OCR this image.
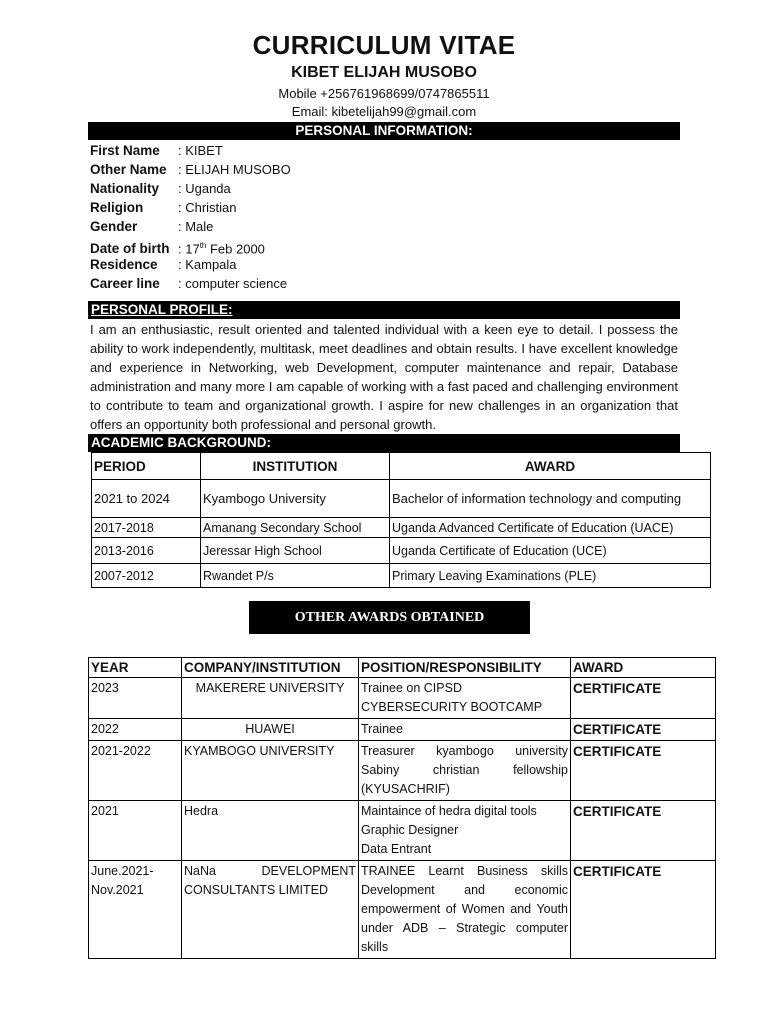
CURRICULUM VITAE
KIBET ELIJAH MUSOBO
Mobile +256761968699/0747865511
Email: kibetelijah99@gmail.com
PERSONAL INFORMATION:
First Name : KIBET
Other Name : ELIJAH MUSOBO
Nationality : Uganda
Religion	: Christian
Gender	: Male
Date of birth : 17th Feb 2000
Residence : Kampala
Career line : computer science
PERSONAL PROFILE:
I am an enthusiastic, result oriented and talented individual with a keen eye to detail. I possess the ability to work independently, multitask, meet deadlines and obtain results. I have excellent knowledge and experience in Networking, web Development, computer maintenance and repair, Database administration and many more I am capable of working with a fast paced and challenging environment to contribute to team and organizational growth. I aspire for new challenges in an organization that offers an opportunity both professional and personal growth.
ACADEMIC BACKGROUND:
PERIOD	INSTITUTION	AWARD
2021 to 2024	Kyambogo University	Bachelor of information technology and computing
2017-2018	Amanang Secondary School	Uganda Advanced Certificate of Education (UACE)
2013-2016	Jeressar High School	Uganda Certificate of Education (UCE)
2007-2012	Rwandet P/s	Primary Leaving Examinations (PLE)
OTHER AWARDS OBTAINED
YEAR	COMPANY/INSTITUTION	POSITION/RESPONSIBILITY	AWARD
2023	MAKERERE UNIVERSITY	Trainee on CIPSD CYBERSECURITY BOOTCAMP	CERTIFICATE
2022	HUAWEI	Trainee	CERTIFICATE
2021-2022	KYAMBOGO UNIVERSITY	Treasurer kyambogo university Sabiny christian fellowship (KYUSACHRIF)	CERTIFICATE
2021	Hedra	Maintaince of hedra digital tools
Graphic Designer
Data Entrant	CERTIFICATE
June.2021- Nov.2021	NaNa DEVELOPMENT CONSULTANTS LIMITED	TRAINEE Learnt Business skills Development and economic empowerment of Women and Youth under ADB – Strategic computer skills	CERTIFICATE
